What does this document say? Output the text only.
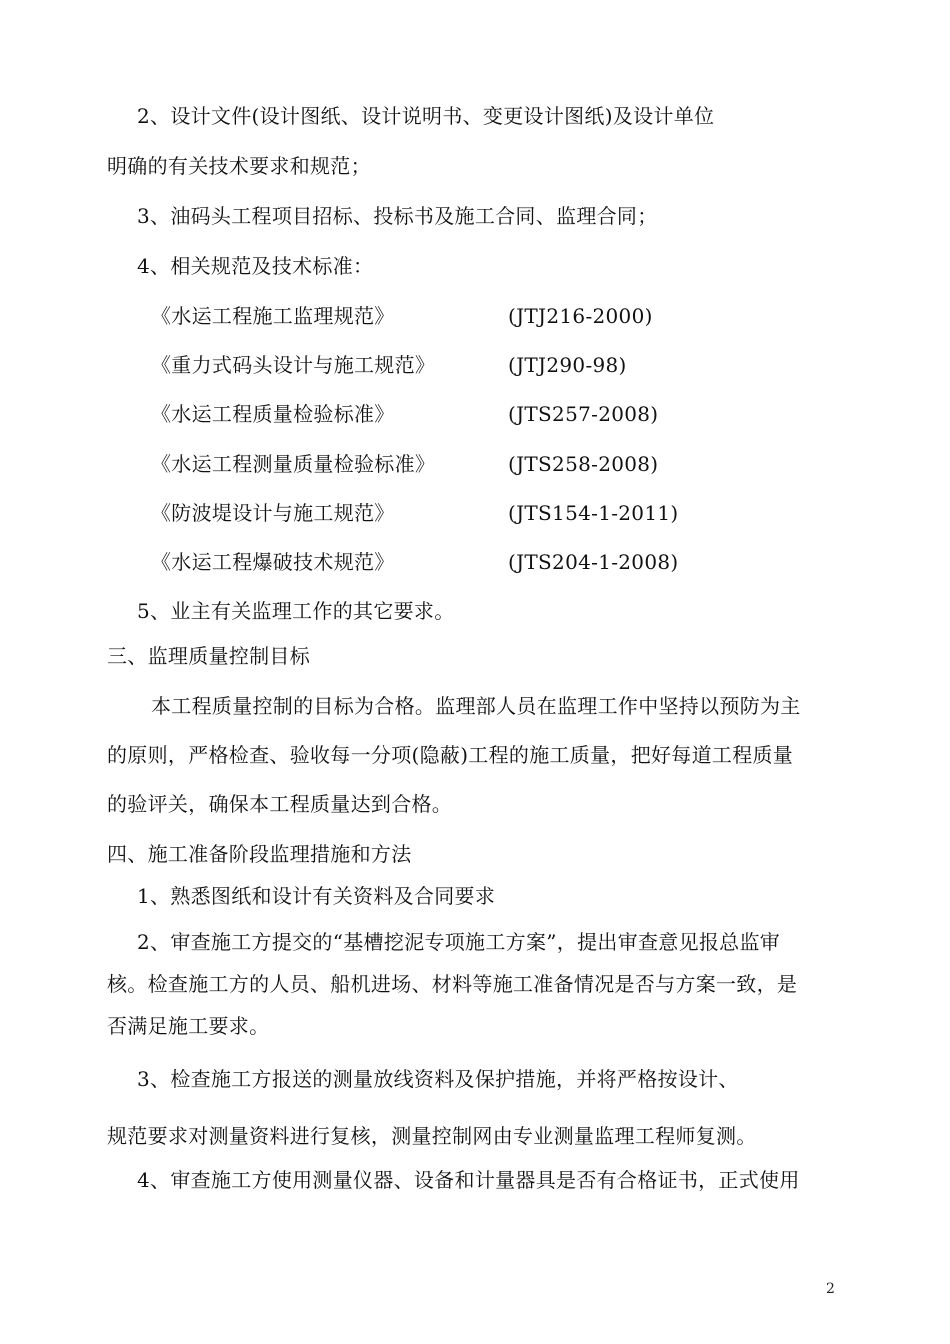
2、设计文件(设计图纸、设计说明书、变更设计图纸)及设计单位
明确的有关技术要求和规范；
3、油码头工程项目招标、投标书及施工合同、监理合同；
4、相关规范及技术标准：
《水运工程施工监理规范》	(JTJ216-2000)
《重力式码头设计与施工规范》	(JTJ290-98)
《水运工程质量检验标准》	(JTS257-2008)
《水运工程测量质量检验标准》	(JTS258-2008)
《防波堤设计与施工规范》	(JTS154-1-2011)
《水运工程爆破技术规范》	(JTS204-1-2008)
5、业主有关监理工作的其它要求。
三、监理质量控制目标
本工程质量控制的目标为合格。监理部人员在监理工作中坚持以预防为主
的原则，严格检查、验收每一分项(隐蔽)工程的施工质量，把好每道工程质量
的验评关，确保本工程质量达到合格。
四、施工准备阶段监理措施和方法
1、熟悉图纸和设计有关资料及合同要求
2、审查施工方提交的“基槽挖泥专项施工方案”，提出审查意见报总监审
核。检查施工方的人员、船机进场、材料等施工准备情况是否与方案一致，是
否满足施工要求。
3、检查施工方报送的测量放线资料及保护措施，并将严格按设计、
规范要求对测量资料进行复核，测量控制网由专业测量监理工程师复测。
4、审查施工方使用测量仪器、设备和计量器具是否有合格证书，正式使用
2
